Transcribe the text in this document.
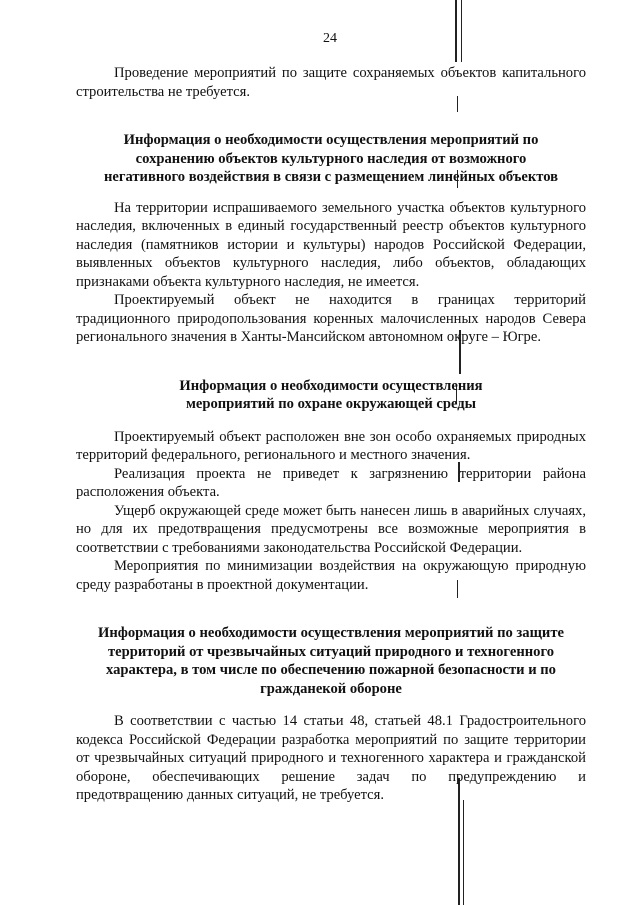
24

Проведение мероприятий по защите сохраняемых объектов капитального строительства не требуется.

Информация о необходимости осуществления мероприятий по сохранению объектов культурного наследия от возможного негативного воздействия в связи с размещением линейных объектов

На территории испрашиваемого земельного участка объектов культурного наследия, включенных в единый государственный реестр объектов культурного наследия (памятников истории и культуры) народов Российской Федерации, выявленных объектов культурного наследия, либо объектов, обладающих признаками объекта культурного наследия, не имеется.

Проектируемый объект не находится в границах территорий традиционного природопользования коренных малочисленных народов Севера регионального значения в Ханты-Мансийском автономном округе – Югре.

Информация о необходимости осуществления мероприятий по охране окружающей среды

Проектируемый объект расположен вне зон особо охраняемых природных территорий федерального, регионального и местного значения.

Реализация проекта не приведет к загрязнению территории района расположения объекта.

Ущерб окружающей среде может быть нанесен лишь в аварийных случаях, но для их предотвращения предусмотрены все возможные мероприятия в соответствии с требованиями законодательства Российской Федерации.

Мероприятия по минимизации воздействия на окружающую природную среду разработаны в проектной документации.

Информация о необходимости осуществления мероприятий по защите территорий от чрезвычайных ситуаций природного и техногенного характера, в том числе по обеспечению пожарной безопасности и по гражданекой обороне

В соответствии с частью 14 статьи 48, статьей 48.1 Градостроительного кодекса Российской Федерации разработка мероприятий по защите территории от чрезвычайных ситуаций природного и техногенного характера и гражданской обороне, обеспечивающих решение задач по предупреждению и предотвращению данных ситуаций, не требуется.
